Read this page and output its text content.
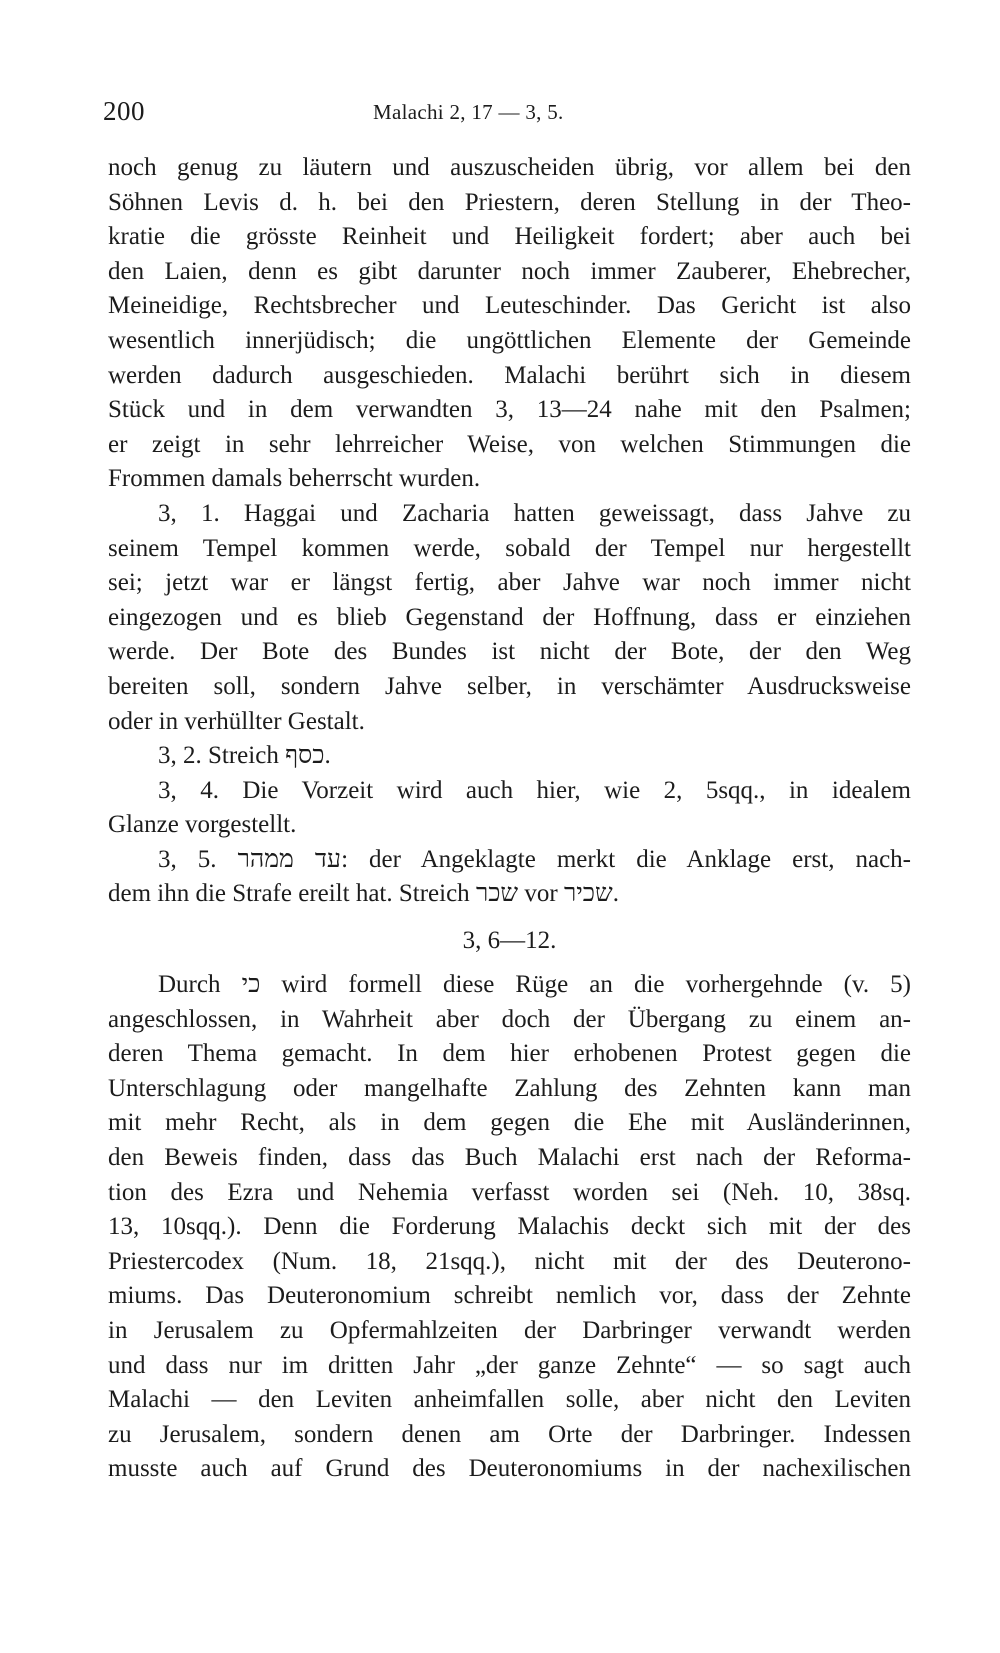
200	Malachi 2, 17 — 3, 5.
noch genug zu läutern und auszuscheiden übrig, vor allem bei den
Söhnen Levis d. h. bei den Priestern, deren Stellung in der Theo-
kratie die grösste Reinheit und Heiligkeit fordert; aber auch bei
den Laien, denn es gibt darunter noch immer Zauberer, Ehebrecher,
Meineidige, Rechtsbrecher und Leuteschinder. Das Gericht ist also
wesentlich innerjüdisch; die ungöttlichen Elemente der Gemeinde
werden dadurch ausgeschieden. Malachi berührt sich in diesem
Stück und in dem verwandten 3, 13—24 nahe mit den Psalmen;
er zeigt in sehr lehrreicher Weise, von welchen Stimmungen die
Frommen damals beherrscht wurden.
3, 1. Haggai und Zacharia hatten geweissagt, dass Jahve zu
seinem Tempel kommen werde, sobald der Tempel nur hergestellt
sei; jetzt war er längst fertig, aber Jahve war noch immer nicht
eingezogen und es blieb Gegenstand der Hoffnung, dass er einziehen
werde. Der Bote des Bundes ist nicht der Bote, der den Weg
bereiten soll, sondern Jahve selber, in verschämter Ausdrucksweise
oder in verhüllter Gestalt.
3, 2. Streich כסף.
3, 4. Die Vorzeit wird auch hier, wie 2, 5sqq., in idealem
Glanze vorgestellt.
3, 5. עד ממהר: der Angeklagte merkt die Anklage erst, nach-
dem ihn die Strafe ereilt hat. Streich שכר vor שכיר.
3, 6—12.
Durch כי wird formell diese Rüge an die vorhergehnde (v. 5)
angeschlossen, in Wahrheit aber doch der Übergang zu einem an-
deren Thema gemacht. In dem hier erhobenen Protest gegen die
Unterschlagung oder mangelhafte Zahlung des Zehnten kann man
mit mehr Recht, als in dem gegen die Ehe mit Ausländerinnen,
den Beweis finden, dass das Buch Malachi erst nach der Reforma-
tion des Ezra und Nehemia verfasst worden sei (Neh. 10, 38sq.
13, 10sqq.). Denn die Forderung Malachis deckt sich mit der des
Priestercodex (Num. 18, 21sqq.), nicht mit der des Deuterono-
miums. Das Deuteronomium schreibt nemlich vor, dass der Zehnte
in Jerusalem zu Opfermahlzeiten der Darbringer verwandt werden
und dass nur im dritten Jahr „der ganze Zehnte“ — so sagt auch
Malachi — den Leviten anheimfallen solle, aber nicht den Leviten
zu Jerusalem, sondern denen am Orte der Darbringer. Indessen
musste auch auf Grund des Deuteronomiums in der nachexilischen
